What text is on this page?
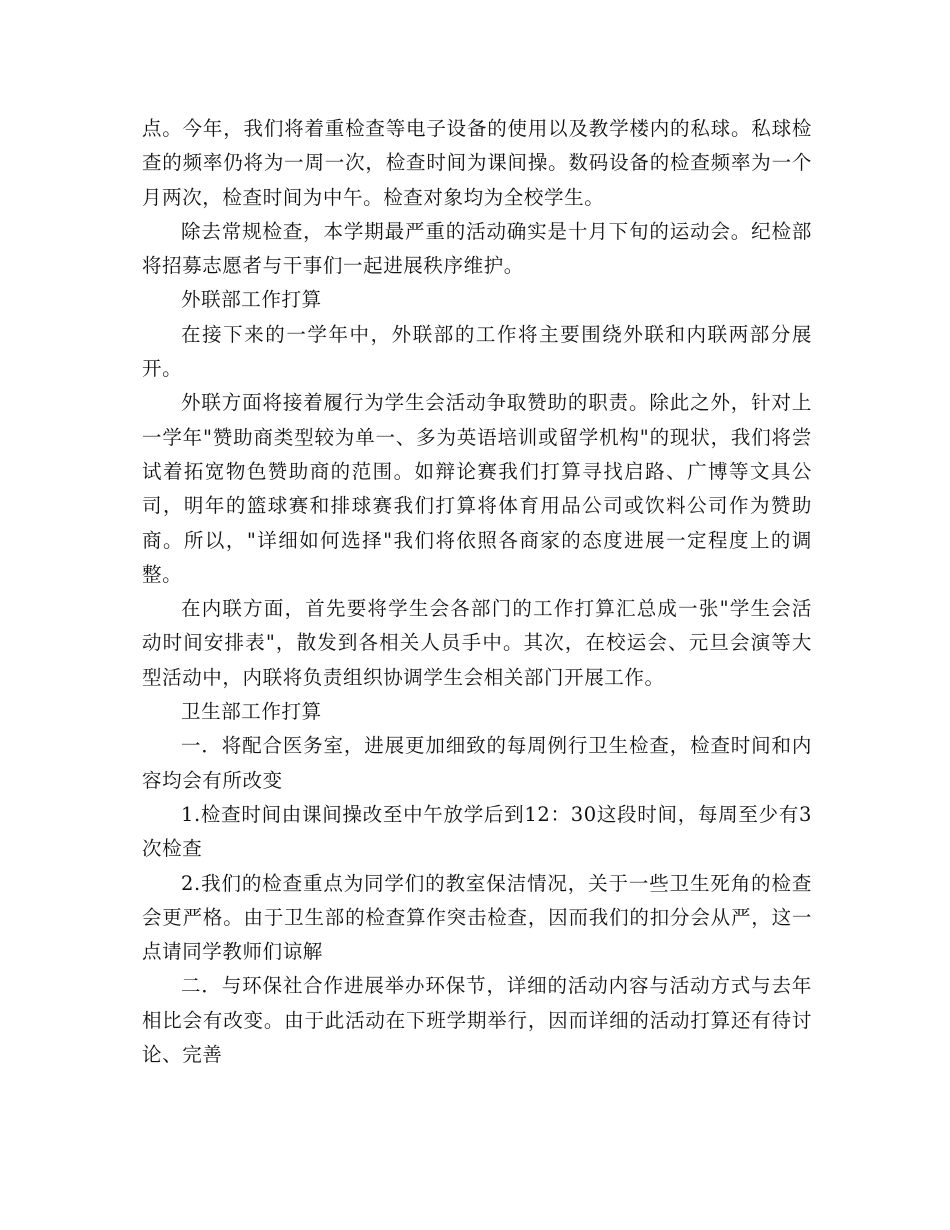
点。今年，我们将着重检查等电子设备的使用以及教学楼内的私球。私球检查的频率仍将为一周一次，检查时间为课间操。数码设备的检查频率为一个月两次，检查时间为中午。检查对象均为全校学生。

除去常规检查，本学期最严重的活动确实是十月下旬的运动会。纪检部将招募志愿者与干事们一起进展秩序维护。

外联部工作打算

在接下来的一学年中，外联部的工作将主要围绕外联和内联两部分展开。

外联方面将接着履行为学生会活动争取赞助的职责。除此之外，针对上一学年"赞助商类型较为单一、多为英语培训或留学机构"的现状，我们将尝试着拓宽物色赞助商的范围。如辩论赛我们打算寻找启路、广博等文具公司，明年的篮球赛和排球赛我们打算将体育用品公司或饮料公司作为赞助商。所以，"详细如何选择"我们将依照各商家的态度进展一定程度上的调整。

在内联方面，首先要将学生会各部门的工作打算汇总成一张"学生会活动时间安排表"，散发到各相关人员手中。其次，在校运会、元旦会演等大型活动中，内联将负责组织协调学生会相关部门开展工作。

卫生部工作打算

一．将配合医务室，进展更加细致的每周例行卫生检查，检查时间和内容均会有所改变

1.检查时间由课间操改至中午放学后到12：30这段时间，每周至少有3次检查

2.我们的检查重点为同学们的教室保洁情况，关于一些卫生死角的检查会更严格。由于卫生部的检查算作突击检查，因而我们的扣分会从严，这一点请同学教师们谅解

二．与环保社合作进展举办环保节，详细的活动内容与活动方式与去年相比会有改变。由于此活动在下班学期举行，因而详细的活动打算还有待讨论、完善
